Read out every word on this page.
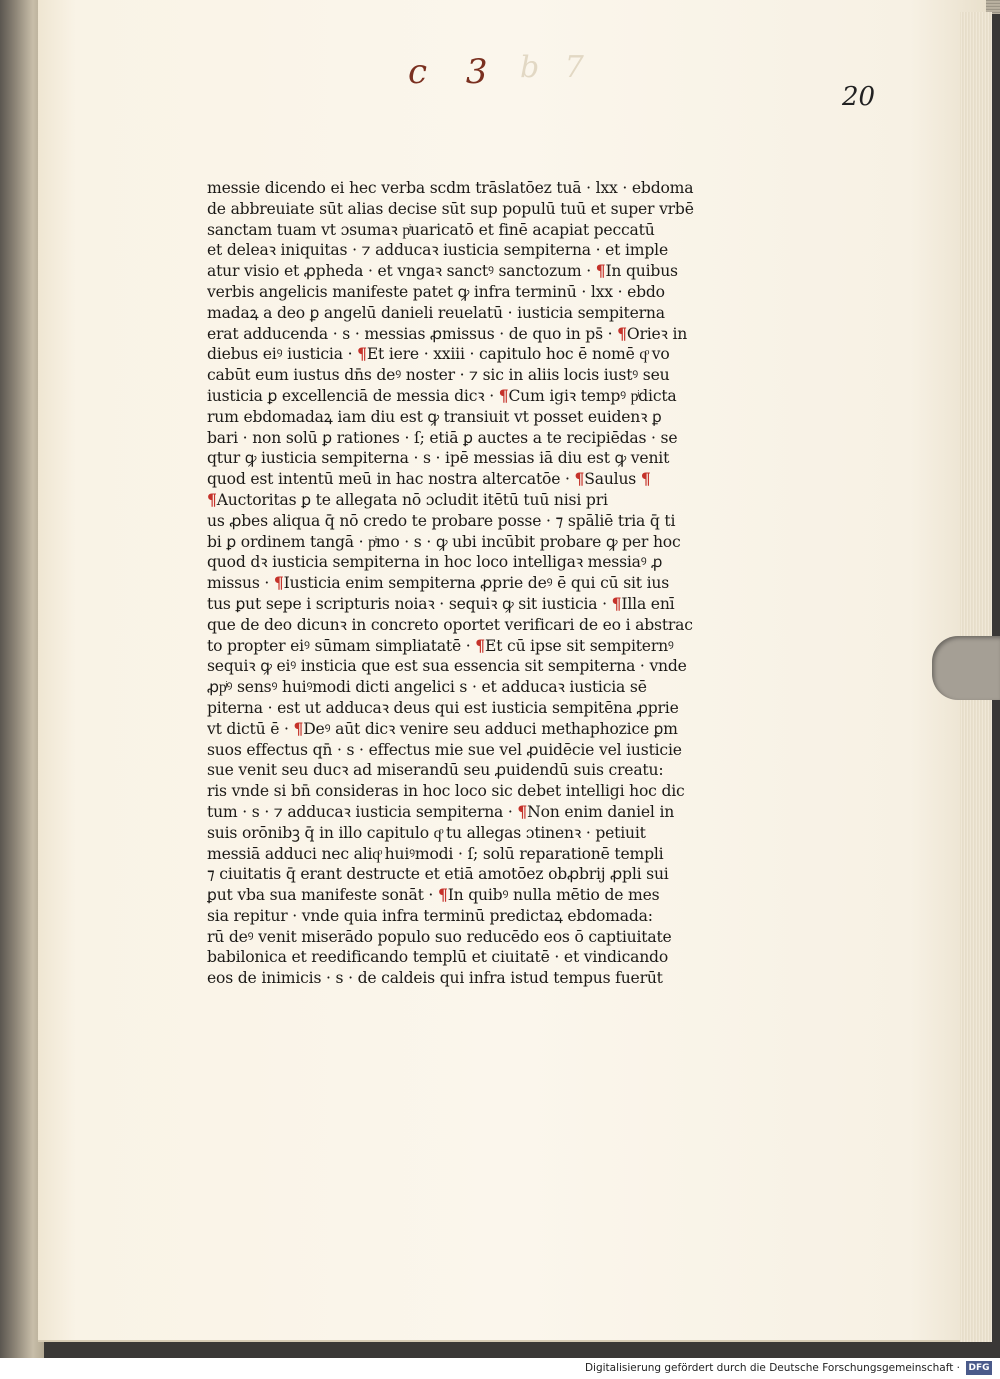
c 3 b 7
20
messie dicendo ei hec verba scdm trāslatōez tuā · lxx · ebdoma
de abbreuiate sūt alias decise sūt sup populū tuū et super vrbē
sanctam tuam vt ɔsumaꝛ pͥuaricatō et finē acapiat peccatū
et deleaꝛ iniquitas · ⁊ adducaꝛ iusticia sempiterna · et imple
atur visio et ꝓpheda · et vngaꝛ sanctꝰ sanctozum · ¶In quibus
verbis angelicis manifeste patet ꝙ infra terminū · lxx · ebdo
madaꝝ a deo ꝑ angelū danieli reuelatū · iusticia sempiterna
erat adducenda · s · messias ꝓmissus · de quo in ps̄ · ¶Orieꝛ in
diebus eiꝰ iusticia · ¶Et iere · xxiii · capitulo hoc ē nomē qͦ vo
cabūt eum iustus dn̄s deꝰ noster · ⁊ sic in aliis locis iustꝰ seu
iusticia ꝑ excellenciā de messia dicꝛ · ¶Cum igiꝛ tempꝰ pͥdicta
rum ebdomadaꝝ iam diu est ꝙ transiuit vt posset euidenꝛ ꝑ
bari · non solū ꝑ rationes · ſ; etiā ꝑ auctes a te recipiēdas · se
qtur ꝙ iusticia sempiterna · s · ipē messias iā diu est ꝙ venit
quod est intentū meū in hac nostra altercatōe · ¶Saulus ¶
¶Auctoritas ꝑ te allegata nō ɔcludit itētū tuū nisi pri
us ꝓbes aliqua q̄ nō credo te probare posse · ⁊ spāliē tria q̄ ti
bi ꝑ ordinem tangā · pͥmo · s · ꝙ ubi incūbit probare ꝙ per hoc
quod dꝛ iusticia sempiterna in hoc loco intelligaꝛ messiaꝰ ꝓ
missus · ¶Iusticia enim sempiterna ꝓprie deꝰ ē qui cū sit ius
tus ꝑut sepe i scripturis noiaꝛ · sequiꝛ ꝙ sit iusticia · ¶Illa enī
que de deo dicunꝛ in concreto oportet verificari de eo i abstrac
to propter eiꝰ sūmam simpliatatē · ¶Et cū ipse sit sempiternꝰ
sequiꝛ ꝙ eiꝰ insticia que est sua essencia sit sempiterna · vnde
ꝓpͥꝰ sensꝰ huiꝰmodi dicti angelici s · et adducaꝛ iusticia sē
piterna · est ut adducaꝛ deus qui est iusticia sempitēna ꝓprie
vt dictū ē · ¶Deꝰ aūt dicꝛ venire seu adduci methaphozice ꝑm
suos effectus qn̄ · s · effectus mie sue vel ꝓuidēcie vel iusticie
sue venit seu ducꝛ ad miserandū seu ꝓuidendū suis creatu:
ris vnde si bn̄ consideras in hoc loco sic debet intelligi hoc dic
tum · s · ⁊ adducaꝛ iusticia sempiterna · ¶Non enim daniel in
suis orōnibꝫ q̄ in illo capitulo qͦ tu allegas ɔtinenꝛ · petiuit
messiā adduci nec aliqͦ huiꝰmodi · ſ; solū reparationē templi
⁊ ciuitatis q̄ erant destructe et etiā amotōez obꝓbrij ꝓpli sui
ꝑut vba sua manifeste sonāt · ¶In quibꝰ nulla mētio de mes
sia repitur · vnde quia infra terminū predictaꝝ ebdomada:
rū deꝰ venit miserādo populo suo reducēdo eos ō captiuitate
babilonica et reedificando templū et ciuitatē · et vindicando
eos de inimicis · s · de caldeis qui infra istud tempus fuerūt
Digitalisierung gefördert durch die Deutsche Forschungsgemeinschaft · DFG
